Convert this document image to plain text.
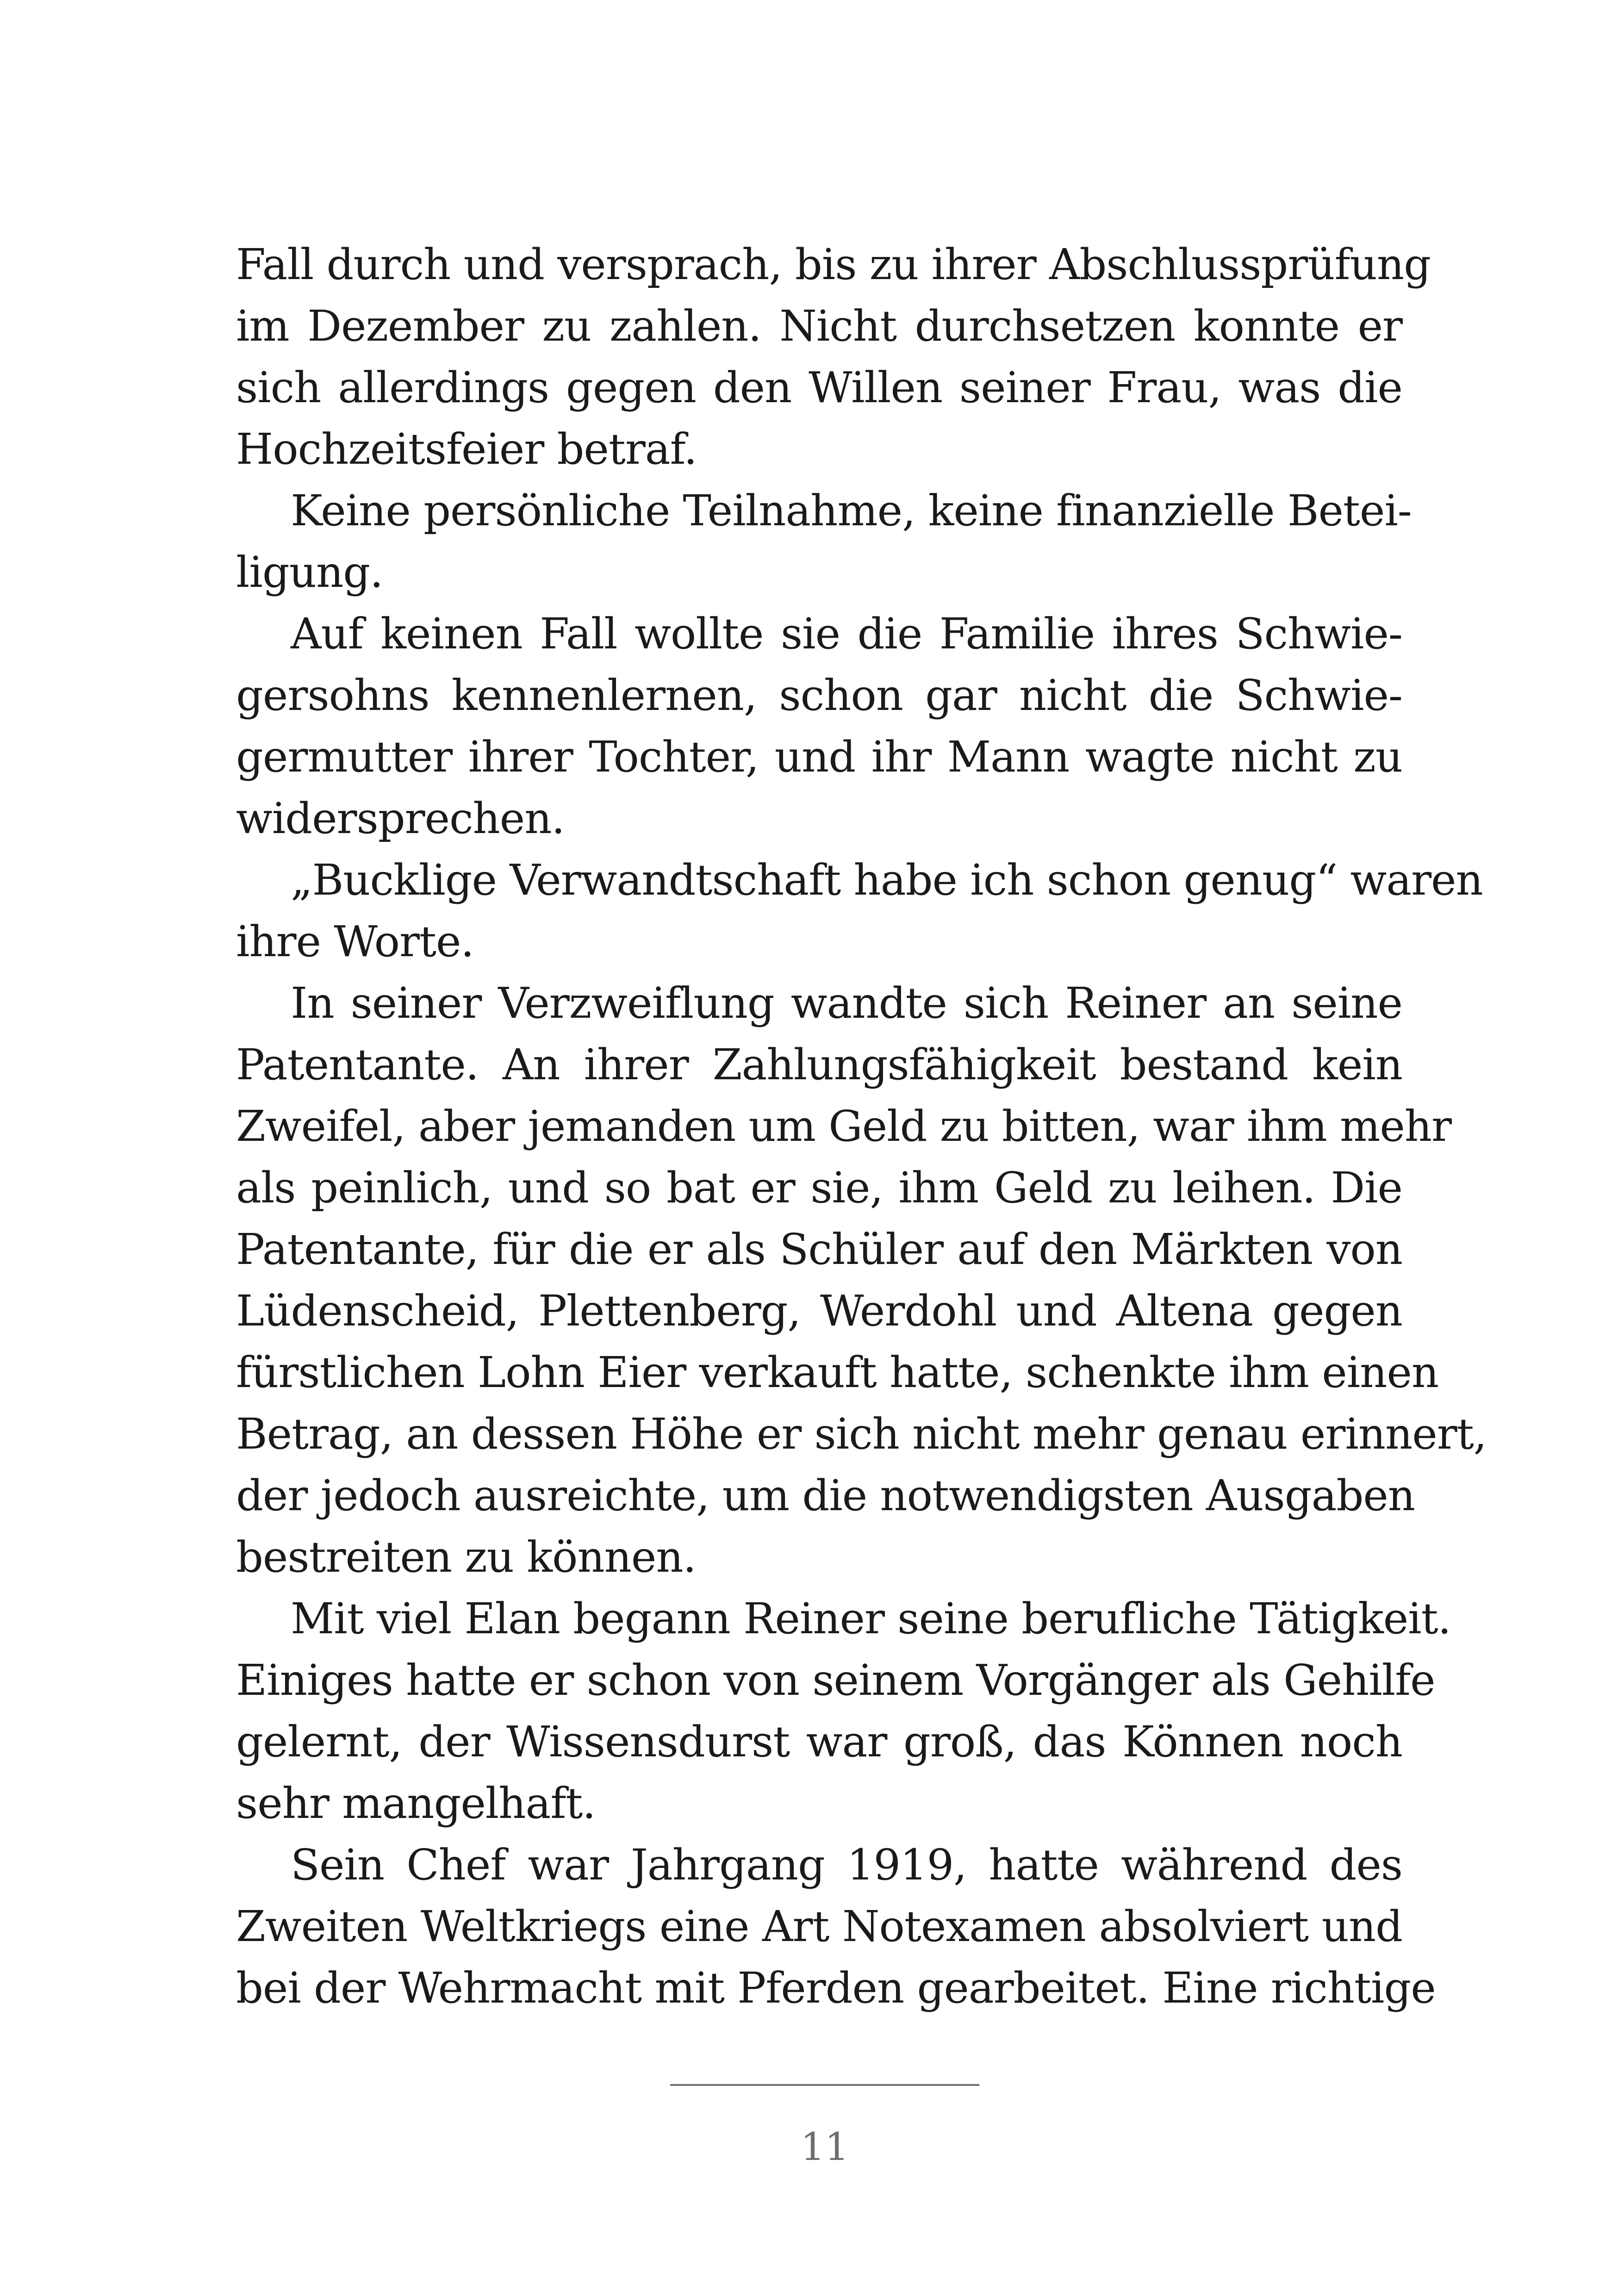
Fall durch und versprach, bis zu ihrer Abschlussprüfung
im Dezember zu zahlen. Nicht durchsetzen konnte er
sich allerdings gegen den Willen seiner Frau, was die
Hochzeitsfeier betraf.
Keine persönliche Teilnahme, keine finanzielle Betei-
ligung.
Auf keinen Fall wollte sie die Familie ihres Schwie-
gersohns kennenlernen, schon gar nicht die Schwie-
germutter ihrer Tochter, und ihr Mann wagte nicht zu
widersprechen.
„Bucklige Verwandtschaft habe ich schon genug“ waren
ihre Worte.
In seiner Verzweiflung wandte sich Reiner an seine
Patentante. An ihrer Zahlungsfähigkeit bestand kein
Zweifel, aber jemanden um Geld zu bitten, war ihm mehr
als peinlich, und so bat er sie, ihm Geld zu leihen. Die
Patentante, für die er als Schüler auf den Märkten von
Lüdenscheid, Plettenberg, Werdohl und Altena gegen
fürstlichen Lohn Eier verkauft hatte, schenkte ihm einen
Betrag, an dessen Höhe er sich nicht mehr genau erinnert,
der jedoch ausreichte, um die notwendigsten Ausgaben
bestreiten zu können.
Mit viel Elan begann Reiner seine berufliche Tätigkeit.
Einiges hatte er schon von seinem Vorgänger als Gehilfe
gelernt, der Wissensdurst war groß, das Können noch
sehr mangelhaft.
Sein Chef war Jahrgang 1919, hatte während des
Zweiten Weltkriegs eine Art Notexamen absolviert und
bei der Wehrmacht mit Pferden gearbeitet. Eine richtige
11
